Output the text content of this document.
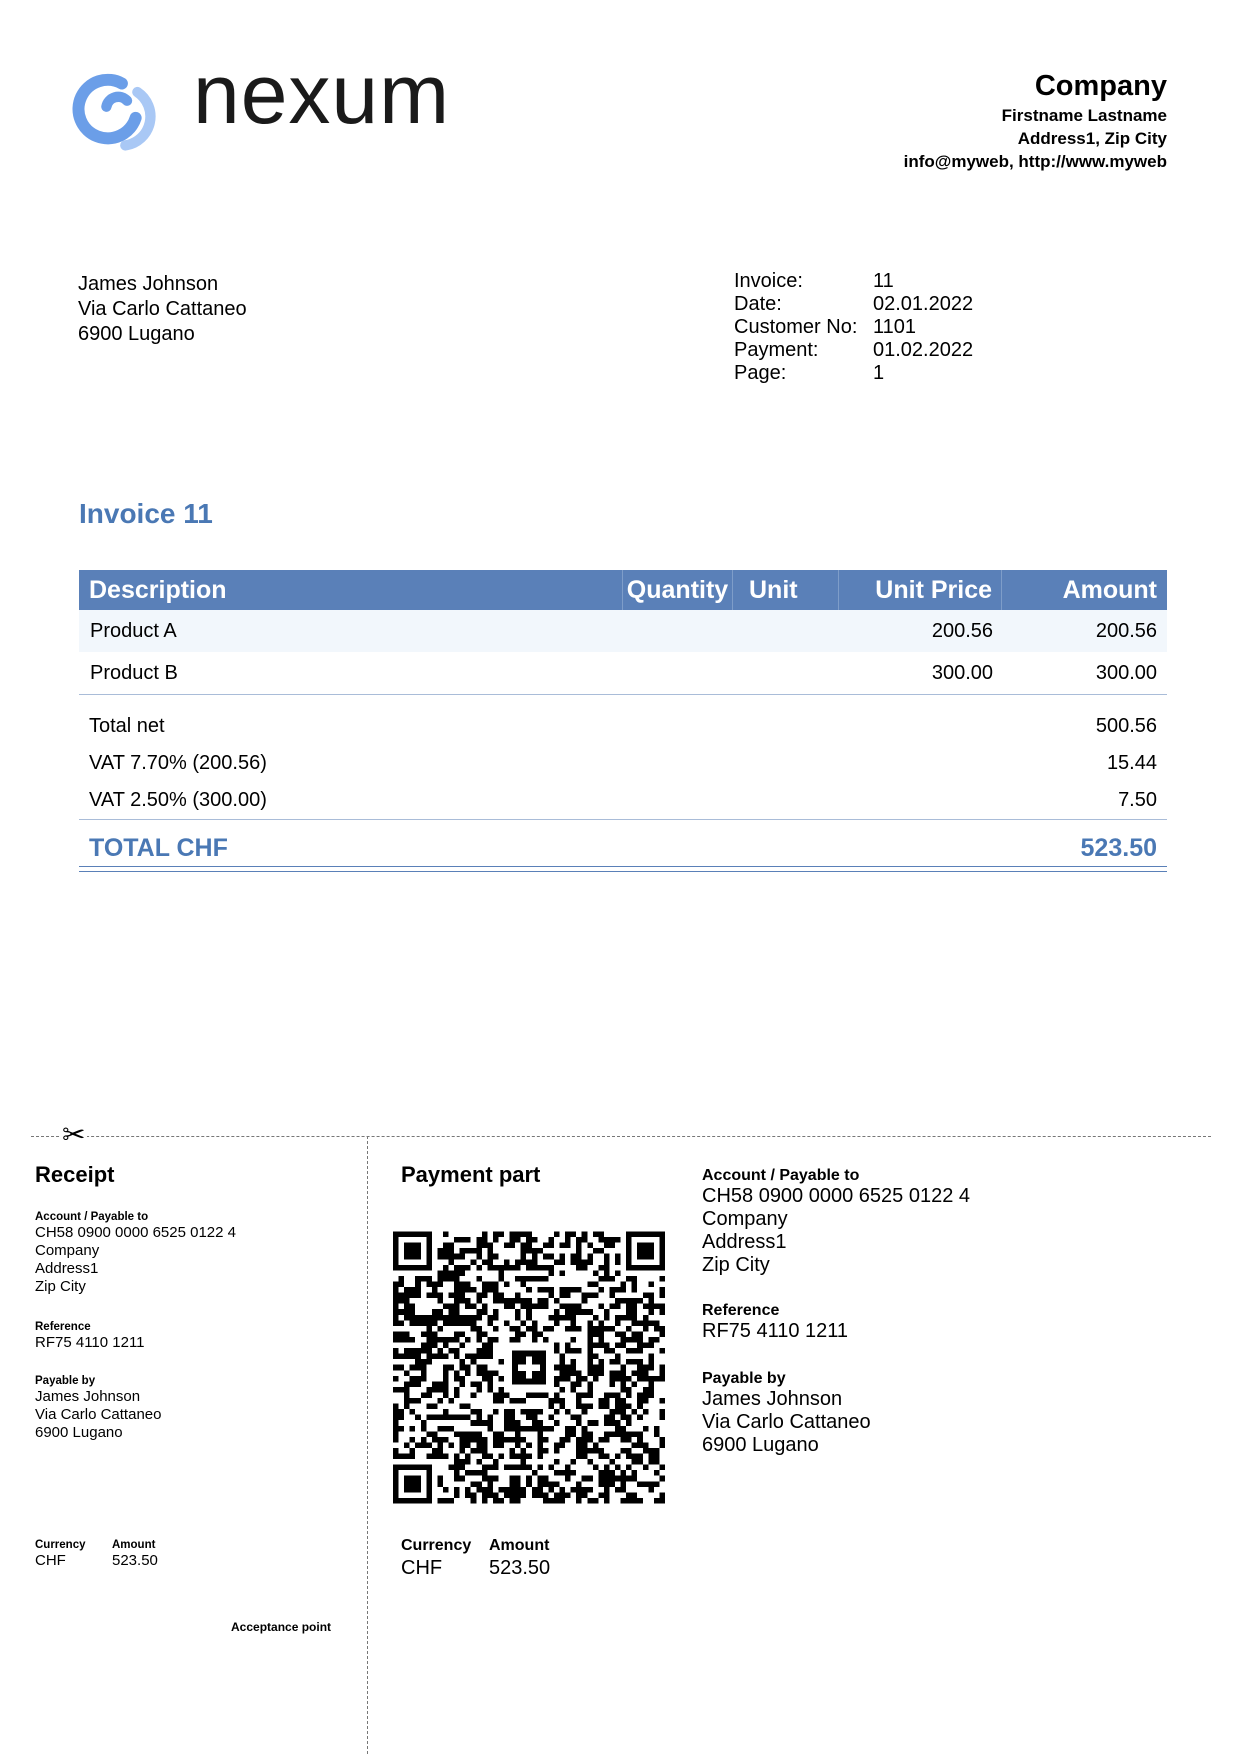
nexum	Company
Firstname Lastname
Address1, Zip City
info@myweb, http://www.myweb
James Johnson
Via Carlo Cattaneo
6900 Lugano
Invoice:	11
Date:	02.01.2022
Customer No: 1101
Payment:	01.02.2022
Page:	1
Invoice 11
Description	Quantity Unit	Unit Price	Amount
Product A	200.56	200.56
Product B	300.00	300.00
Total net	500.56
VAT 7.70% (200.56)	15.44
VAT 2.50% (300.00)	7.50
TOTAL CHF	523.50
✂
Receipt
Account / Payable to
CH58 0900 0000 6525 0122 4
Company
Address1
Zip City
Reference
RF75 4110 1211
Payable by
James Johnson
Via Carlo Cattaneo
6900 Lugano
Currency	Amount
CHF	523.50
Acceptance point
Payment part
Currency	Amount
CHF	523.50
Account / Payable to
CH58 0900 0000 6525 0122 4
Company
Address1
Zip City
Reference
RF75 4110 1211
Payable by
James Johnson
Via Carlo Cattaneo
6900 Lugano
